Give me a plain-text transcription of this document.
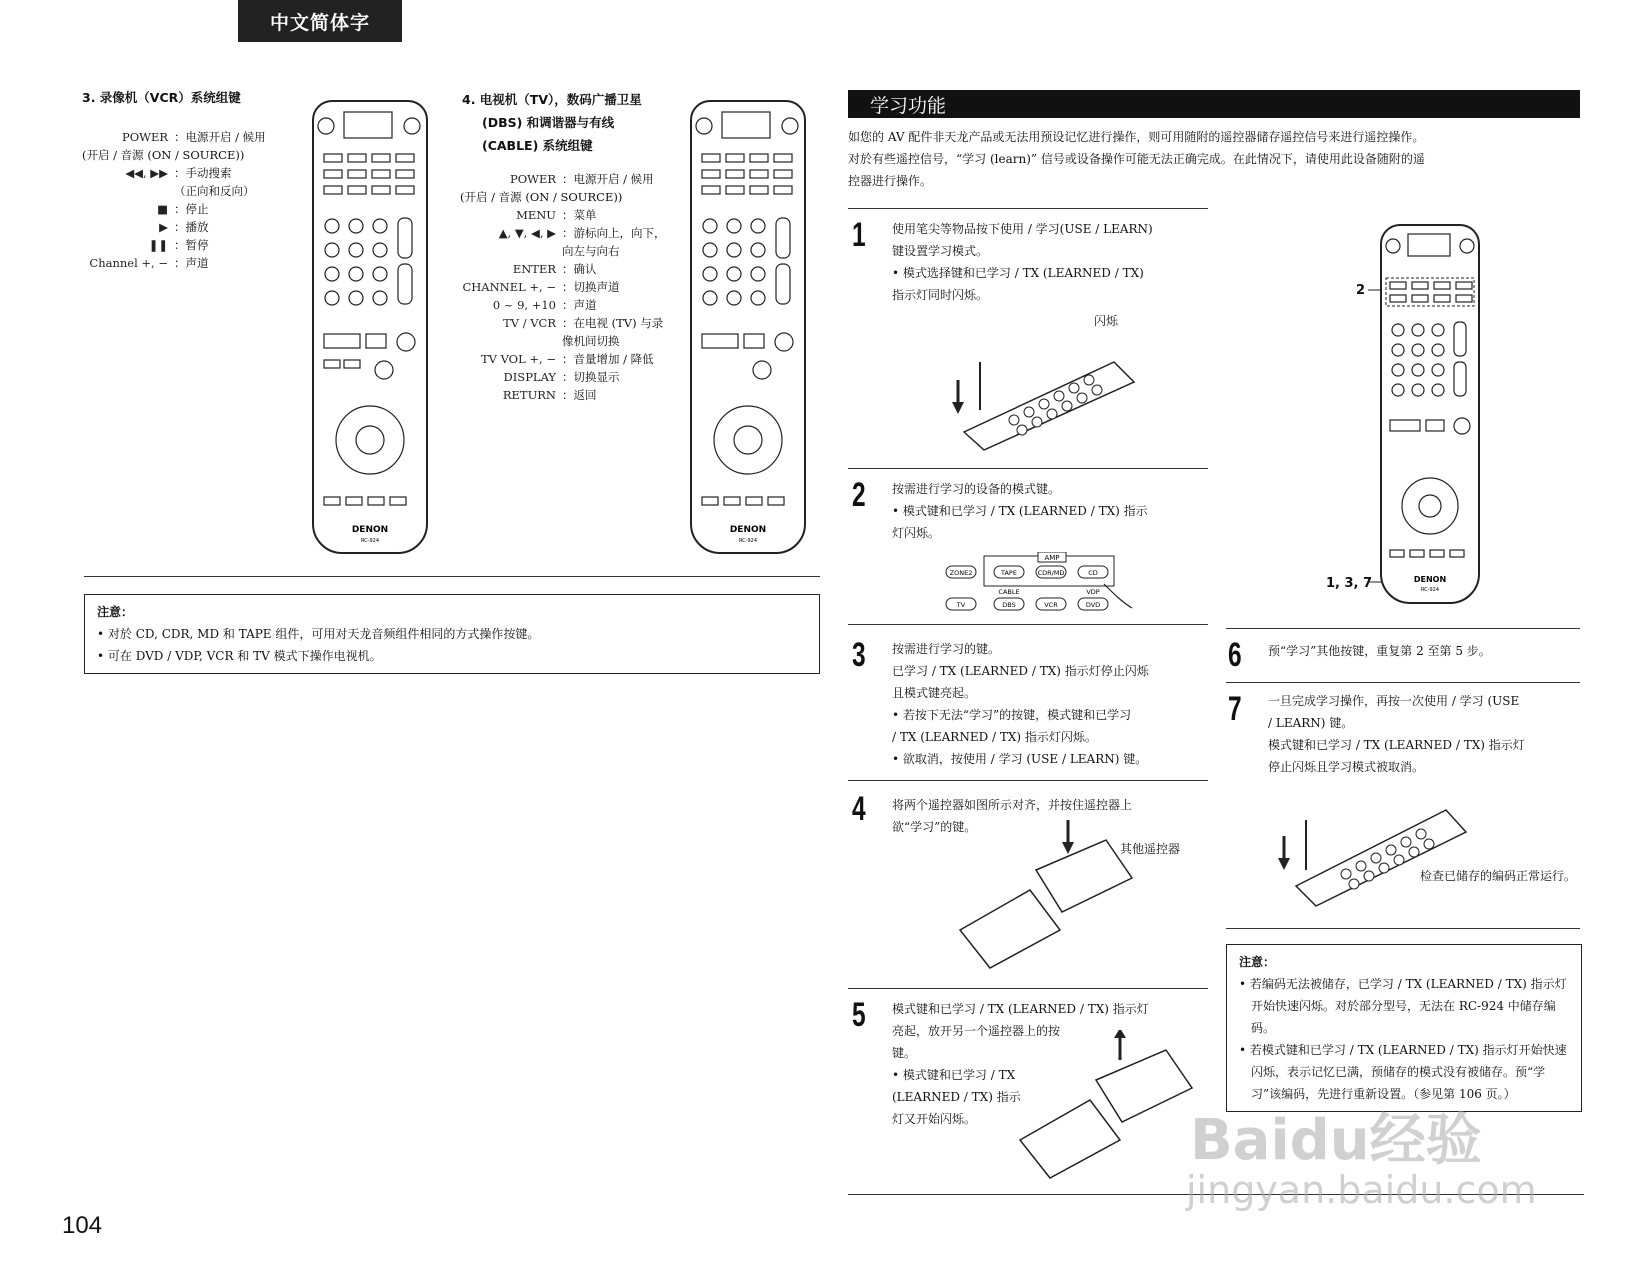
中文简体字
3. 录像机（VCR）系统组键
POWER ：电源开启 / 候用
(开启 / 音源 (ON / SOURCE))
◀◀, ▶▶ ：手动搜索
（正向和反向）
■ ：停止
▶ ：播放
❚❚ ：暂停
Channel +, − ：声道
4. 电视机（TV），数码广播卫星
(DBS) 和调谐器与有线
(CABLE) 系统组键
POWER ：电源开启 / 候用
(开启 / 音源 (ON / SOURCE))
MENU ：菜单
▲, ▼, ◀, ▶ ：游标向上，向下，
向左与向右
ENTER ：确认
CHANNEL +, − ：切换声道
0 ~ 9, +10 ：声道
TV / VCR ：在电视 (TV) 与录
像机间切换
TV VOL +, − ：音量增加 / 降低
DISPLAY ：切换显示
RETURN ：返回
DENON
RC-924
DENON
RC-924
注意：
• 对於 CD, CDR, MD 和 TAPE 组件，可用对天龙音频组件相同的方式操作按键。
• 可在 DVD / VDP, VCR 和 TV 模式下操作电视机。
学习功能
如您的 AV 配件非天龙产品或无法用预设记忆进行操作，则可用随附的遥控器储存遥控信号来进行遥控操作。
对於有些遥控信号，“学习 (learn)” 信号或设备操作可能无法正确完成。在此情况下，请使用此设备随附的遥
控器进行操作。
1 使用笔尖等物品按下使用 / 学习(USE / LEARN)
键设置学习模式。
• 模式选择键和已学习 / TX (LEARNED / TX)
指示灯同时闪烁。
闪烁
2 按需进行学习的设备的模式键。
• 模式键和已学习 / TX (LEARNED / TX) 指示
灯闪烁。
AMP
ZONE2	TAPE	CDR/MD	CD
TV	DBS	VCR	DVD
CABLE	VDP
3 按需进行学习的键。
已学习 / TX (LEARNED / TX) 指示灯停止闪烁
且模式键亮起。
• 若按下无法“学习”的按键，模式键和已学习
/ TX (LEARNED / TX) 指示灯闪烁。
• 欲取消，按使用 / 学习 (USE / LEARN) 键。
4 将两个遥控器如图所示对齐，并按住遥控器上
欲“学习”的键。
其他遥控器
5 模式键和已学习 / TX (LEARNED / TX) 指示灯
亮起，放开另一个遥控器上的按
键。
• 模式键和已学习 / TX
(LEARNED / TX) 指示
灯又开始闪烁。
2
1, 3, 7	DENON
RC-924
6 预“学习”其他按键，重复第 2 至第 5 步。
7 一旦完成学习操作，再按一次使用 / 学习 (USE
/ LEARN) 键。
模式键和已学习 / TX (LEARNED / TX) 指示灯
停止闪烁且学习模式被取消。
检查已储存的编码正常运行。
注意：
• 若编码无法被储存，已学习 / TX (LEARNED / TX) 指示灯开始快速闪烁。对於部分型号，无法在 RC-924 中储存编码。
• 若模式键和已学习 / TX (LEARNED / TX) 指示灯开始快速闪烁，表示记忆已满，预储存的模式没有被储存。预“学习”该编码，先进行重新设置。（参见第 106 页。）
Baidu经验
jingyan.baidu.com
104
